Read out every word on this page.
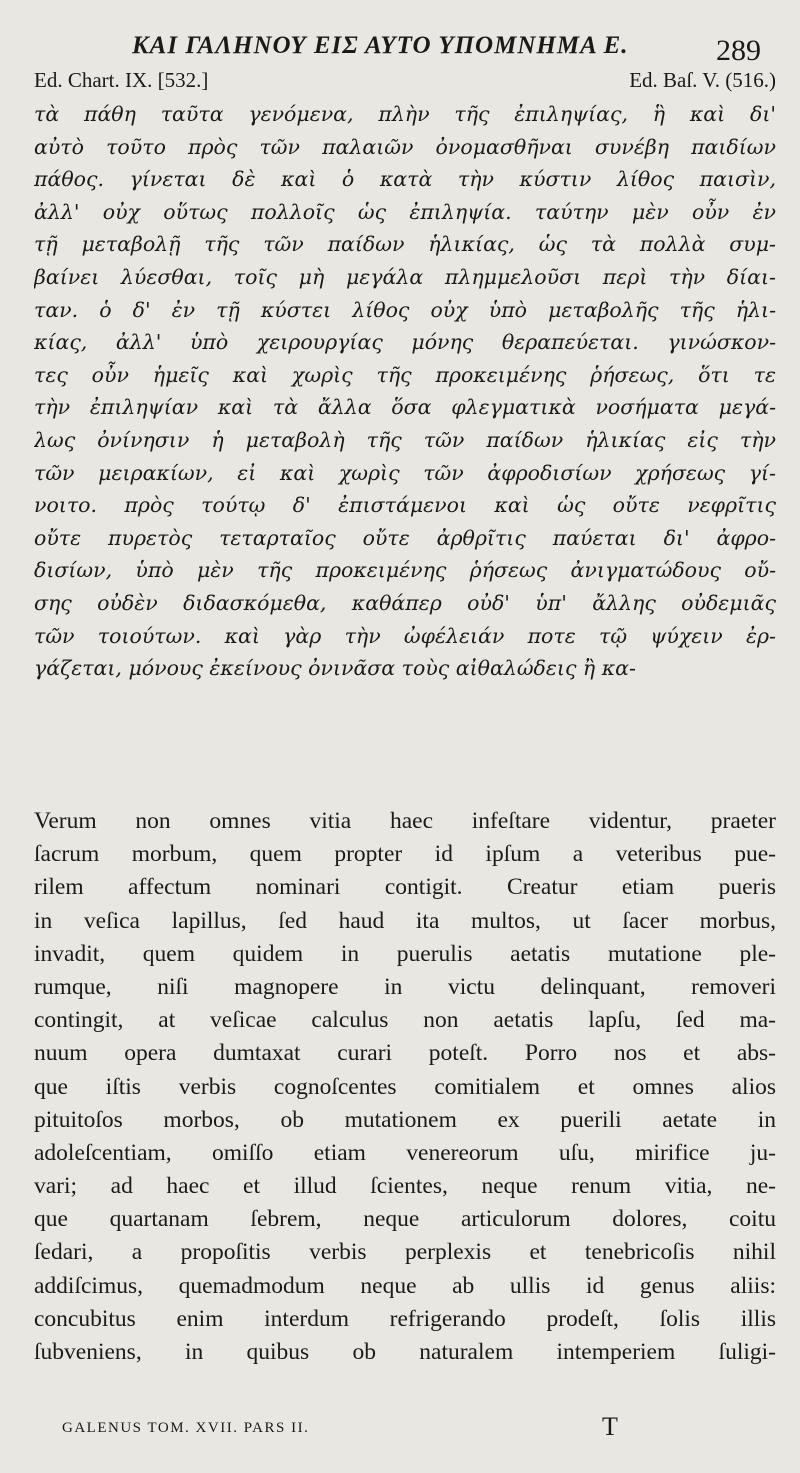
ΚΑΙ ΓΑΛΗΝΟΥ ΕΙΣ ΑΥΤΟ ΥΠΟΜΝΗΜΑ Ε.	289
Ed. Chart. IX. [532.]	Ed. Baſ. V. (516.)
τὰ πάθη ταῦτα γενόμενα, πλὴν τῆς ἐπιληψίας, ἣ καὶ δι'
αὐτὸ τοῦτο πρὸς τῶν παλαιῶν ὀνομασθῆναι συνέβη παιδίων
πάθος. γίνεται δὲ καὶ ὁ κατὰ τὴν κύστιν λίθος παισὶν,
ἀλλ' οὐχ οὕτως πολλοῖς ὡς ἐπιληψία. ταύτην μὲν οὖν ἐν
τῇ μεταβολῇ τῆς τῶν παίδων ἡλικίας, ὡς τὰ πολλὰ συμ-
βαίνει λύεσθαι, τοῖς μὴ μεγάλα πλημμελοῦσι περὶ τὴν δίαι-
ταν. ὁ δ' ἐν τῇ κύστει λίθος οὐχ ὑπὸ μεταβολῆς τῆς ἡλι-
κίας, ἀλλ' ὑπὸ χειρουργίας μόνης θεραπεύεται. γινώσκον-
τες οὖν ἡμεῖς καὶ χωρὶς τῆς προκειμένης ῥήσεως, ὅτι τε
τὴν ἐπιληψίαν καὶ τὰ ἄλλα ὅσα φλεγματικὰ νοσήματα μεγά-
λως ὀνίνησιν ἡ μεταβολὴ τῆς τῶν παίδων ἡλικίας εἰς τὴν
τῶν μειρακίων, εἰ καὶ χωρὶς τῶν ἀφροδισίων χρήσεως γί-
νοιτο. πρὸς τούτῳ δ' ἐπιστάμενοι καὶ ὡς οὔτε νεφρῖτις
οὔτε πυρετὸς τεταρταῖος οὔτε ἀρθρῖτις παύεται δι' ἀφρο-
δισίων, ὑπὸ μὲν τῆς προκειμένης ῥήσεως ἀνιγματώδους οὔ-
σης οὐδὲν διδασκόμεθα, καθάπερ οὐδ' ὑπ' ἄλλης οὐδεμιᾶς
τῶν τοιούτων. καὶ γὰρ τὴν ὠφέλειάν ποτε τῷ ψύχειν ἐρ-
γάζεται, μόνους ἐκείνους ὀνινᾶσα τοὺς αἰθαλώδεις ἢ κα-
Verum non omnes vitia haec infeſtare videntur, praeter
ſacrum morbum, quem propter id ipſum a veteribus pue-
rilem affectum nominari contigit. Creatur etiam pueris
in veſica lapillus, ſed haud ita multos, ut ſacer morbus,
invadit, quem quidem in puerulis aetatis mutatione ple-
rumque, niſi magnopere in victu delinquant, removeri
contingit, at veſicae calculus non aetatis lapſu, ſed ma-
nuum opera dumtaxat curari poteſt. Porro nos et abs-
que iſtis verbis cognoſcentes comitialem et omnes alios
pituitoſos morbos, ob mutationem ex puerili aetate in
adoleſcentiam, omiſſo etiam venereorum uſu, mirifice ju-
vari; ad haec et illud ſcientes, neque renum vitia, ne-
que quartanam ſebrem, neque articulorum dolores, coitu
ſedari, a propoſitis verbis perplexis et tenebricoſis nihil
addiſcimus, quemadmodum neque ab ullis id genus aliis:
concubitus enim interdum refrigerando prodeſt, ſolis illis
ſubveniens, in quibus ob naturalem intemperiem ſuligi-
GALENUS TOM. XVII. PARS II.	T
